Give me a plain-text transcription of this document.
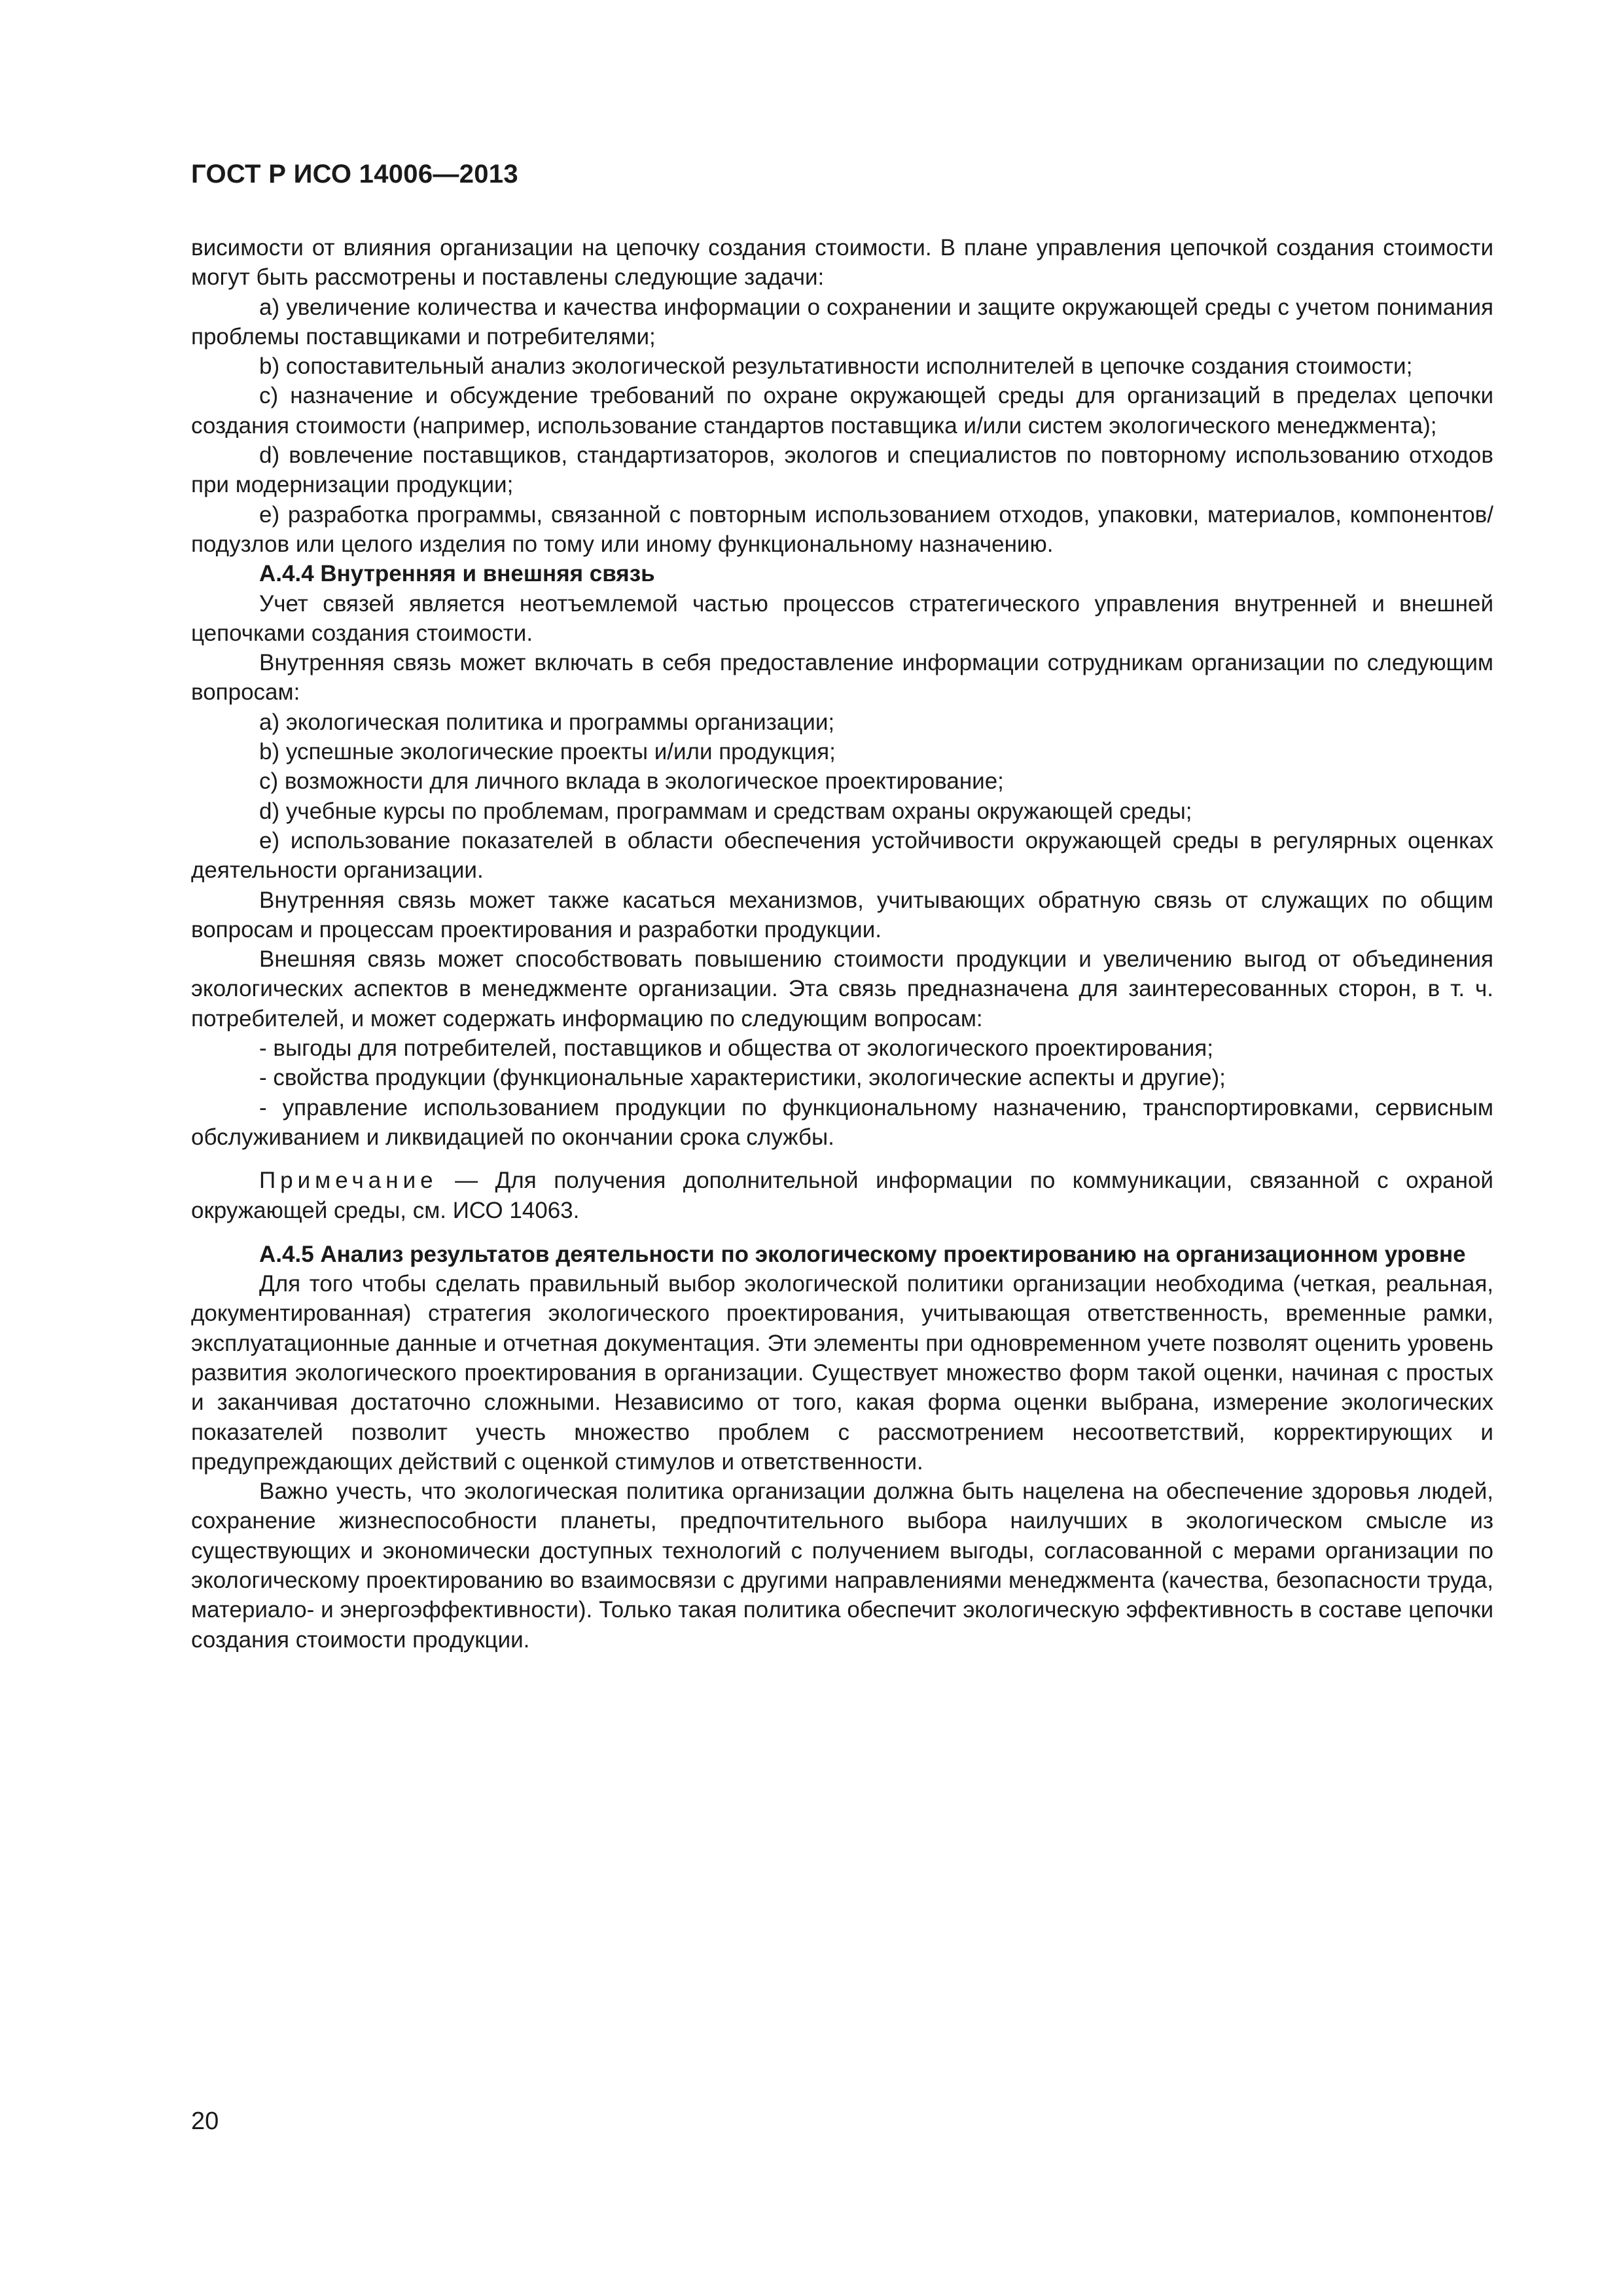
ГОСТ Р ИСО 14006—2013

висимости от влияния организации на цепочку создания стоимости. В плане управления цепочкой создания стоимости могут быть рассмотрены и поставлены следующие задачи:

a) увеличение количества и качества информации о сохранении и защите окружающей среды с учетом понимания проблемы поставщиками и потребителями;

b) сопоставительный анализ экологической результативности исполнителей в цепочке создания стоимости;

c) назначение и обсуждение требований по охране окружающей среды для организаций в пределах цепочки создания стоимости (например, использование стандартов поставщика и/или систем экологического менеджмента);

d) вовлечение поставщиков, стандартизаторов, экологов и специалистов по повторному использованию отходов при модернизации продукции;

e) разработка программы, связанной с повторным использованием отходов, упаковки, материалов, компонентов/подузлов или целого изделия по тому или иному функциональному назначению.

А.4.4 Внутренняя и внешняя связь

Учет связей является неотъемлемой частью процессов стратегического управления внутренней и внешней цепочками создания стоимости.

Внутренняя связь может включать в себя предоставление информации сотрудникам организации по следующим вопросам:

a) экологическая политика и программы организации;

b) успешные экологические проекты и/или продукция;

c) возможности для личного вклада в экологическое проектирование;

d) учебные курсы по проблемам, программам и средствам охраны окружающей среды;

e) использование показателей в области обеспечения устойчивости окружающей среды в регулярных оценках деятельности организации.

Внутренняя связь может также касаться механизмов, учитывающих обратную связь от служащих по общим вопросам и процессам проектирования и разработки продукции.

Внешняя связь может способствовать повышению стоимости продукции и увеличению выгод от объединения экологических аспектов в менеджменте организации. Эта связь предназначена для заинтересованных сторон, в т. ч. потребителей, и может содержать информацию по следующим вопросам:

- выгоды для потребителей, поставщиков и общества от экологического проектирования;

- свойства продукции (функциональные характеристики, экологические аспекты и другие);

- управление использованием продукции по функциональному назначению, транспортировками, сервисным обслуживанием и ликвидацией по окончании срока службы.

Примечание — Для получения дополнительной информации по коммуникации, связанной с охраной окружающей среды, см. ИСО 14063.

А.4.5 Анализ результатов деятельности по экологическому проектированию на организационном уровне

Для того чтобы сделать правильный выбор экологической политики организации необходима (четкая, реальная, документированная) стратегия экологического проектирования, учитывающая ответственность, временные рамки, эксплуатационные данные и отчетная документация. Эти элементы при одновременном учете позволят оценить уровень развития экологического проектирования в организации. Существует множество форм такой оценки, начиная с простых и заканчивая достаточно сложными. Независимо от того, какая форма оценки выбрана, измерение экологических показателей позволит учесть множество проблем с рассмотрением несоответствий, корректирующих и предупреждающих действий с оценкой стимулов и ответственности.

Важно учесть, что экологическая политика организации должна быть нацелена на обеспечение здоровья людей, сохранение жизнеспособности планеты, предпочтительного выбора наилучших в экологическом смысле из существующих и экономически доступных технологий с получением выгоды, согласованной с мерами организации по экологическому проектированию во взаимосвязи с другими направлениями менеджмента (качества, безопасности труда, материало- и энергоэффективности). Только такая политика обеспечит экологическую эффективность в составе цепочки создания стоимости продукции.

20
